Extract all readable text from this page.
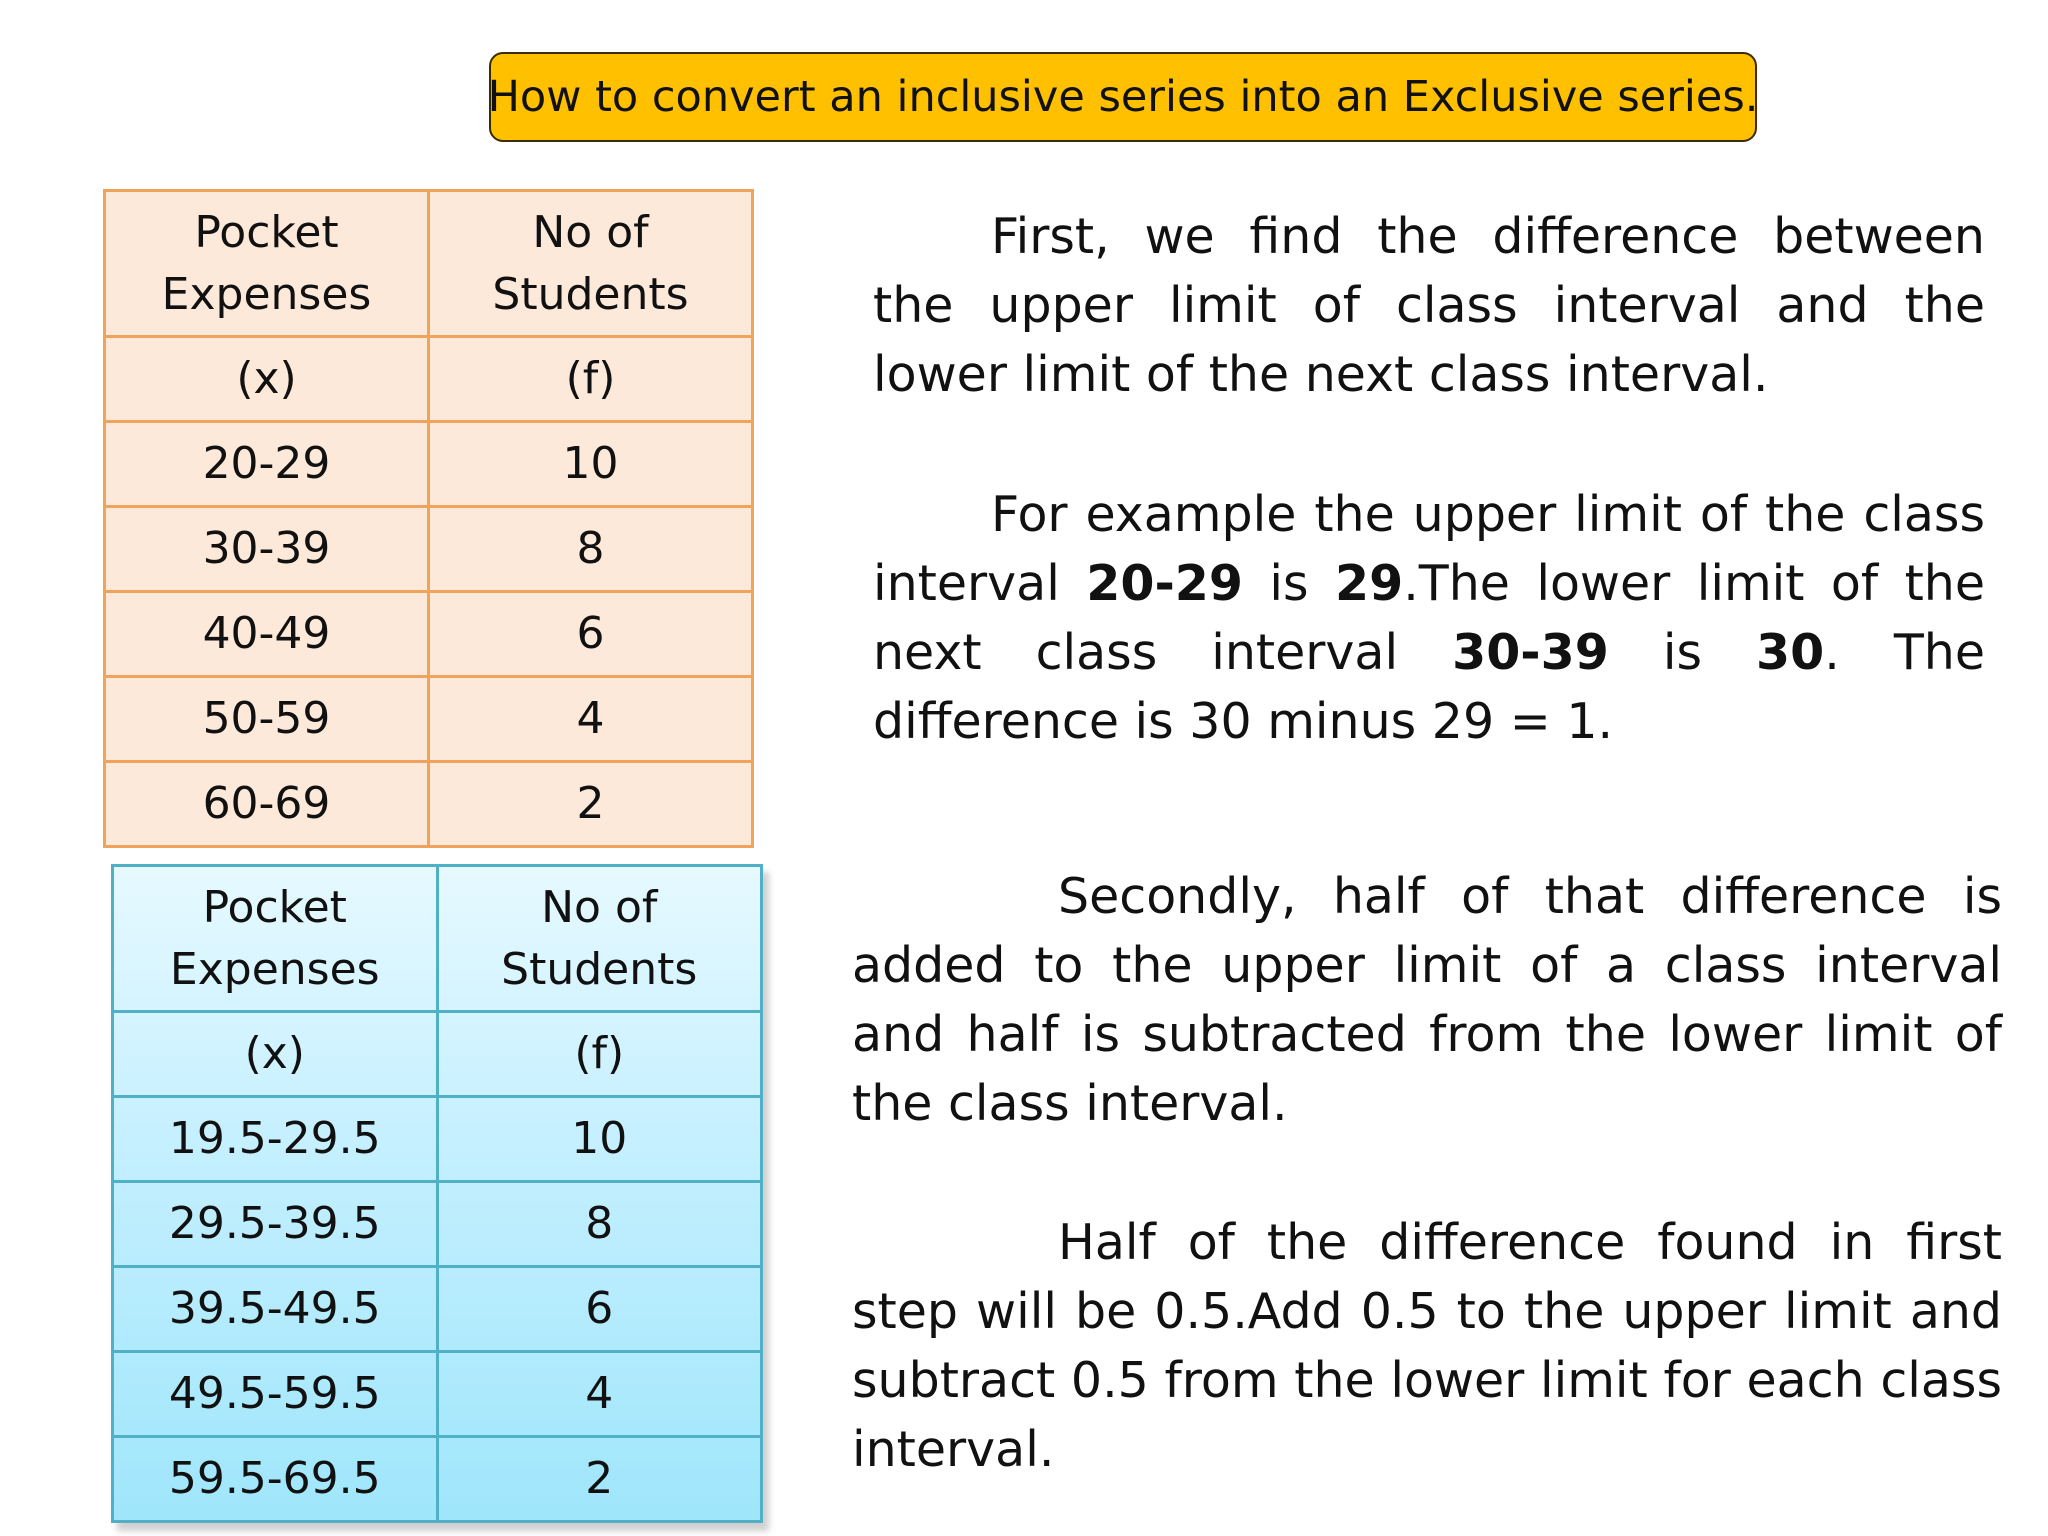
How to convert an inclusive series into an Exclusive series.
Pocket Expenses	No of Students
(x)	(f)
20-29	10
30-39	8
40-49	6
50-59	4
60-69	2
Pocket Expenses	No of Students
(x)	(f)
19.5-29.5	10
29.5-39.5	8
39.5-49.5	6
49.5-59.5	4
59.5-69.5	2
First, we find the difference between the upper limit of class interval and the lower limit of the next class interval.
For example the upper limit of the class interval 20-29 is 29.The lower limit of the next class interval 30-39 is 30. The difference is 30 minus 29 = 1.
Secondly, half of that difference is added to the upper limit of a class interval and half is subtracted from the lower limit of the class interval.
Half of the difference found in first step will be 0.5.Add 0.5 to the upper limit and subtract 0.5 from the lower limit for each class interval.
